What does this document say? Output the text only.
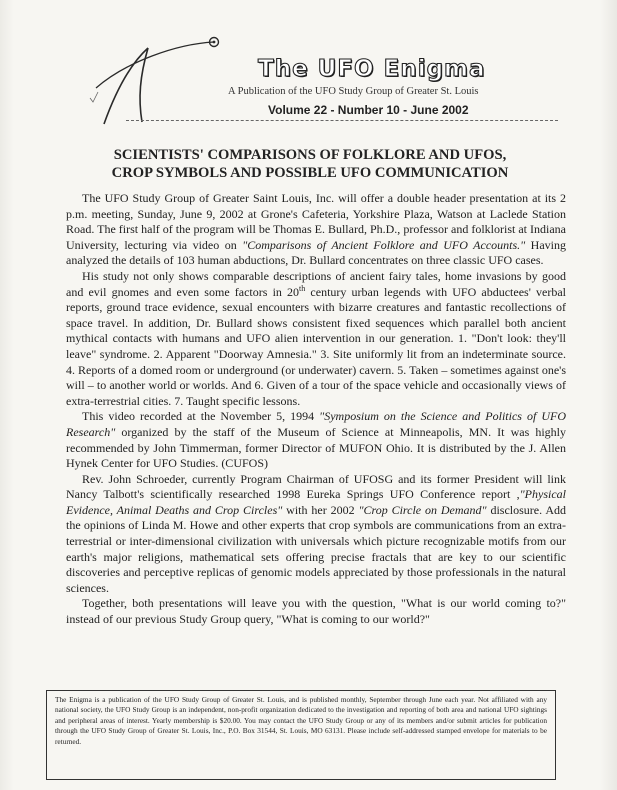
The UFO Enigma
A Publication of the UFO Study Group of Greater St. Louis
Volume 22 - Number 10 - June 2002
SCIENTISTS' COMPARISONS OF FOLKLORE AND UFOS,
CROP SYMBOLS AND POSSIBLE UFO COMMUNICATION

The UFO Study Group of Greater Saint Louis, Inc. will offer a double header presentation at its 2 p.m. meeting, Sunday, June 9, 2002 at Grone's Cafeteria, Yorkshire Plaza, Watson at Laclede Station Road. The first half of the program will be Thomas E. Bullard, Ph.D., professor and folklorist at Indiana University, lecturing via video on "Comparisons of Ancient Folklore and UFO Accounts." Having analyzed the details of 103 human abductions, Dr. Bullard concentrates on three classic UFO cases.

His study not only shows comparable descriptions of ancient fairy tales, home invasions by good and evil gnomes and even some factors in 20th century urban legends with UFO abductees' verbal reports, ground trace evidence, sexual encounters with bizarre creatures and fantastic recollections of space travel. In addition, Dr. Bullard shows consistent fixed sequences which parallel both ancient mythical contacts with humans and UFO alien intervention in our generation. 1. "Don't look: they'll leave" syndrome. 2. Apparent "Doorway Amnesia." 3. Site uniformly lit from an indeterminate source. 4. Reports of a domed room or underground (or underwater) cavern. 5. Taken – sometimes against one's will – to another world or worlds. And 6. Given of a tour of the space vehicle and occasionally views of extra-terrestrial cities. 7. Taught specific lessons.

This video recorded at the November 5, 1994 "Symposium on the Science and Politics of UFO Research" organized by the staff of the Museum of Science at Minneapolis, MN. It was highly recommended by John Timmerman, former Director of MUFON Ohio. It is distributed by the J. Allen Hynek Center for UFO Studies. (CUFOS)

Rev. John Schroeder, currently Program Chairman of UFOSG and its former President will link Nancy Talbott's scientifically researched 1998 Eureka Springs UFO Conference report ,"Physical Evidence, Animal Deaths and Crop Circles" with her 2002 "Crop Circle on Demand" disclosure. Add the opinions of Linda M. Howe and other experts that crop symbols are communications from an extra-terrestrial or inter-dimensional civilization with universals which picture recognizable motifs from our earth's major religions, mathematical sets offering precise fractals that are key to our scientific discoveries and perceptive replicas of genomic models appreciated by those professionals in the natural sciences.

Together, both presentations will leave you with the question, "What is our world coming to?" instead of our previous Study Group query, "What is coming to our world?"

The Enigma is a publication of the UFO Study Group of Greater St. Louis, and is published monthly, September through June each year. Not affiliated with any national society, the UFO Study Group is an independent, non-profit organization dedicated to the investigation and reporting of both area and national UFO sightings and peripheral areas of interest. Yearly membership is $20.00. You may contact the UFO Study Group or any of its members and/or submit articles for publication through the UFO Study Group of Greater St. Louis, Inc., P.O. Box 31544, St. Louis, MO 63131. Please include self-addressed stamped envelope for materials to be returned.
